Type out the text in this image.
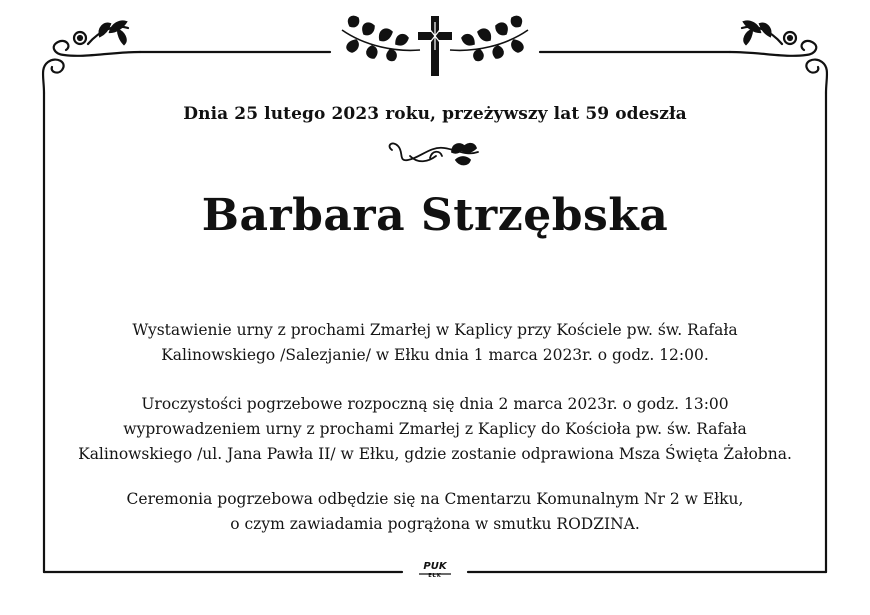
Dnia 25 lutego 2023 roku, przeżywszy lat 59 odeszła
Barbara Strzębska
Wystawienie urny z prochami Zmarłej w Kaplicy przy Kościele pw. św. Rafała
Kalinowskiego /Salezjanie/ w Ełku dnia 1 marca 2023r. o godz. 12:00.
Uroczystości pogrzebowe rozpoczną się dnia 2 marca 2023r. o godz. 13:00
wyprowadzeniem urny z prochami Zmarłej z Kaplicy do Kościoła pw. św. Rafała
Kalinowskiego /ul. Jana Pawła II/ w Ełku, gdzie zostanie odprawiona Msza Święta Żałobna.
Ceremonia pogrzebowa odbędzie się na Cmentarzu Komunalnym Nr 2 w Ełku,
o czym zawiadamia pogrążona w smutku RODZINA.
PUK
EŁK
